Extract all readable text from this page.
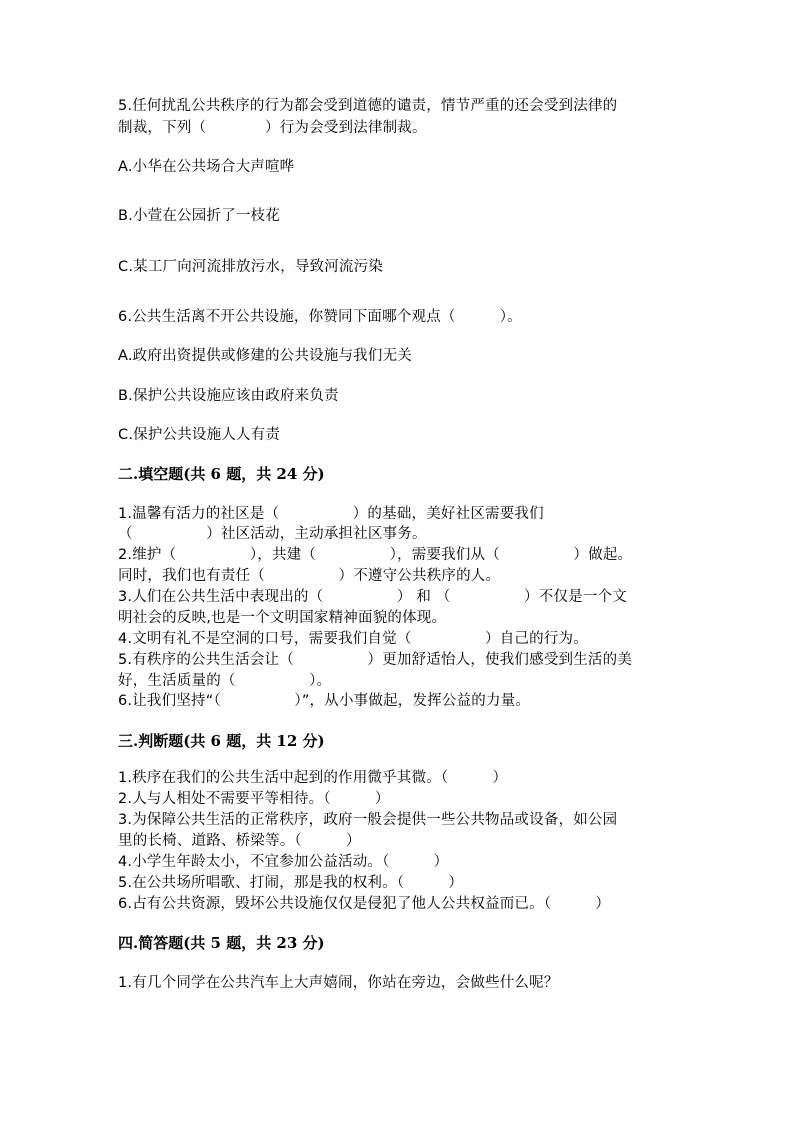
5.任何扰乱公共秩序的行为都会受到道德的谴责，情节严重的还会受到法律的
制裁，下列（　　　　）行为会受到法律制裁。
A.小华在公共场合大声喧哗
B.小萱在公园折了一枝花
C.某工厂向河流排放污水，导致河流污染
6.公共生活离不开公共设施，你赞同下面哪个观点（　　　）。
A.政府出资提供或修建的公共设施与我们无关
B.保护公共设施应该由政府来负责
C.保护公共设施人人有责
二.填空题(共 6 题，共 24 分)
1.温馨有活力的社区是（　　　　　）的基础，美好社区需要我们
（　　　　　）社区活动，主动承担社区事务。
2.维护（　　　　　），共建（　　　　　），需要我们从（　　　　　）做起。
同时，我们也有责任（　　　　　）不遵守公共秩序的人。
3.人们在公共生活中表现出的（　　　　　） 和 （　　　　　）不仅是一个文
明社会的反映,也是一个文明国家精神面貌的体现。
4.文明有礼不是空洞的口号，需要我们自觉（　　　　　）自己的行为。
5.有秩序的公共生活会让（　　　　　）更加舒适怡人，使我们感受到生活的美
好，生活质量的（　　　　　）。
6.让我们坚持“（　　　　　）”，从小事做起，发挥公益的力量。
三.判断题(共 6 题，共 12 分)
1.秩序在我们的公共生活中起到的作用微乎其微。（　　　）
2.人与人相处不需要平等相待。（　　　）
3.为保障公共生活的正常秩序，政府一般会提供一些公共物品或设备，如公园
里的长椅、道路、桥梁等。（　　　）
4.小学生年龄太小，不宜参加公益活动。（　　　）
5.在公共场所唱歌、打闹，那是我的权利。（　　　）
6.占有公共资源，毁坏公共设施仅仅是侵犯了他人公共权益而已。（　　　）
四.简答题(共 5 题，共 23 分)
1.有几个同学在公共汽车上大声嬉闹，你站在旁边，会做些什么呢？
